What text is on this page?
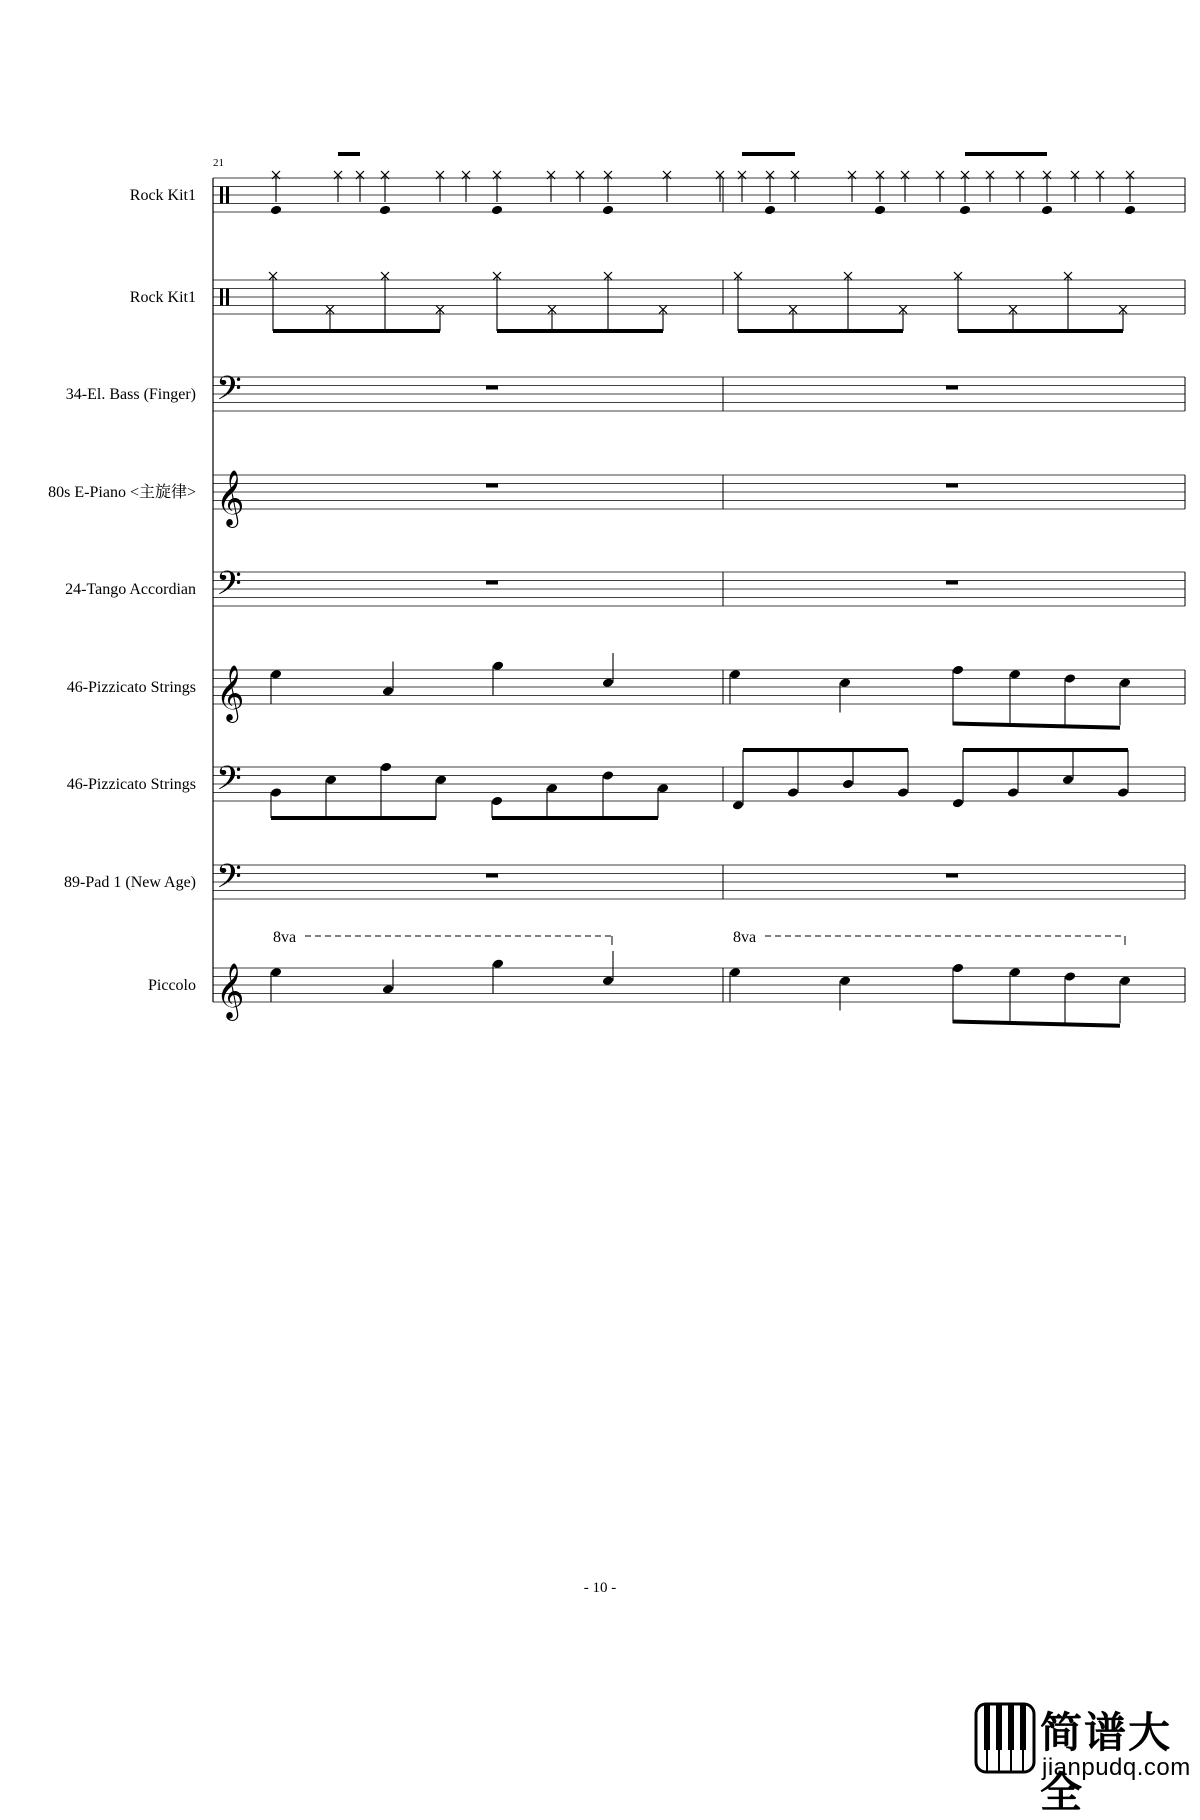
Rock Kit1
Rock Kit1
34-El. Bass (Finger) 𝄢
80s E-Piano <主旋律> 𝄞
24-Tango Accordian 𝄢
46-Pizzicato Strings 𝄞
46-Pizzicato Strings 𝄢
89-Pad 1 (New Age) 𝄢
Piccolo 𝄞
8va	8va
21
- 10 -
简谱大全
jianpudq.com
